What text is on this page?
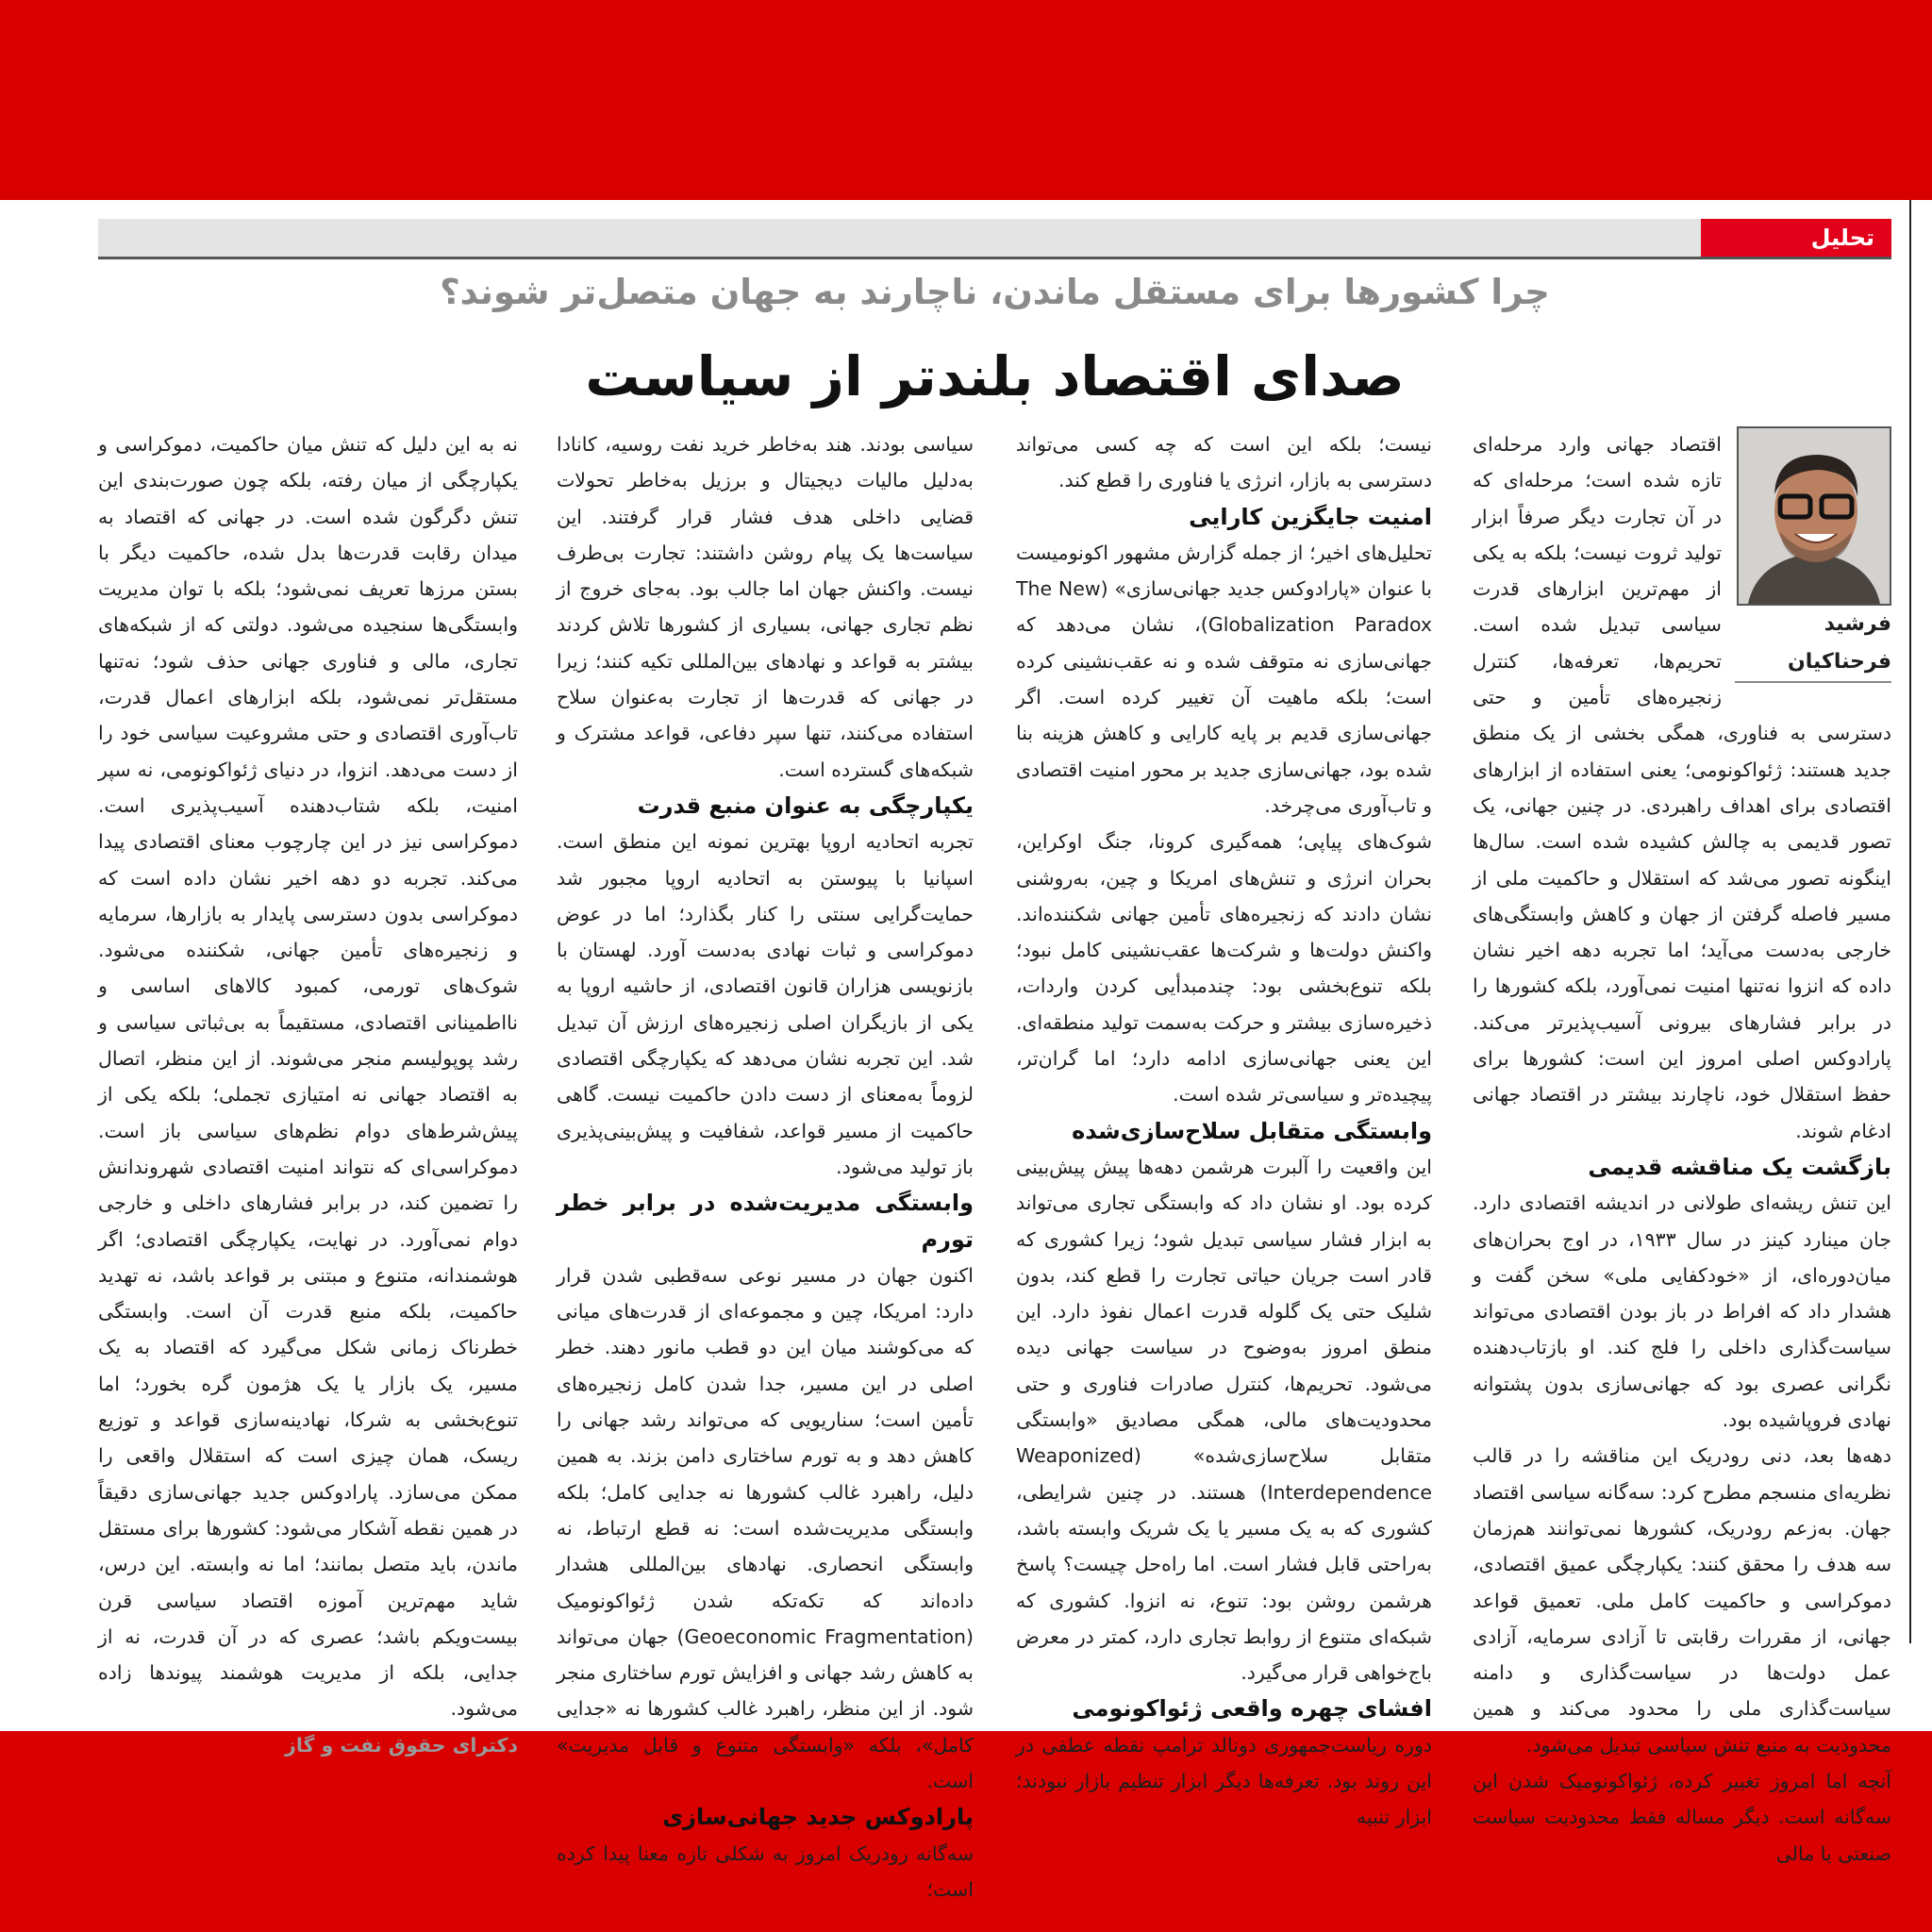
تحلیل
چرا کشورها برای مستقل ماندن، ناچارند به جهان متصل‌تر شوند؟
صدای اقتصاد بلندتر از سیاست
فرشید فرحناکیان

اقتصاد جهانی وارد مرحله‌ای تازه شده است؛ مرحله‌ای که در آن تجارت دیگر صرفاً ابزار تولید ثروت نیست؛ بلکه به یکی از مهم‌ترین ابزارهای قدرت سیاسی تبدیل شده است. تحریم‌ها، تعرفه‌ها، کنترل زنجیره‌های تأمین و حتی دسترسی به فناوری، همگی بخشی از یک منطق جدید هستند: ژئواکونومی؛ یعنی استفاده از ابزارهای اقتصادی برای اهداف راهبردی. در چنین جهانی، یک تصور قدیمی به چالش کشیده شده است. سال‌ها اینگونه تصور می‌شد که استقلال و حاکمیت ملی از مسیر فاصله گرفتن از جهان و کاهش وابستگی‌های خارجی به‌دست می‌آید؛ اما تجربه دهه اخیر نشان داده که انزوا نه‌تنها امنیت نمی‌آورد، بلکه کشورها را در برابر فشارهای بیرونی آسیب‌پذیرتر می‌کند. پارادوکس اصلی امروز این است: کشورها برای حفظ استقلال خود، ناچارند بیشتر در اقتصاد جهانی ادغام شوند.

بازگشت یک مناقشه قدیمی

این تنش ریشه‌ای طولانی در اندیشه اقتصادی دارد. جان مینارد کینز در سال ۱۹۳۳، در اوج بحران‌های میان‌دوره‌ای، از «خودکفایی ملی» سخن گفت و هشدار داد که افراط در باز بودن اقتصادی می‌تواند سیاست‌گذاری داخلی را فلج کند. او بازتاب‌دهنده نگرانی عصری بود که جهانی‌سازی بدون پشتوانه نهادی فروپاشیده بود.

دهه‌ها بعد، دنی رودریک این مناقشه را در قالب نظریه‌ای منسجم مطرح کرد: سه‌گانه سیاسی اقتصاد جهان. به‌زعم رودریک، کشورها نمی‌توانند هم‌زمان سه هدف را محقق کنند: یکپارچگی عمیق اقتصادی، دموکراسی و حاکمیت کامل ملی. تعمیق قواعد جهانی، از مقررات رقابتی تا آزادی سرمایه، آزادی عمل دولت‌ها در سیاست‌گذاری و دامنه سیاست‌گذاری ملی را محدود می‌کند و همین محدودیت به منبع تنش سیاسی تبدیل می‌شود.

آنچه اما امروز تغییر کرده، ژئواکونومیک شدن این سه‌گانه است. دیگر مساله فقط محدودیت سیاست صنعتی یا مالی

نیست؛ بلکه این است که چه کسی می‌تواند دسترسی به بازار، انرژی یا فناوری را قطع کند.

امنیت جایگزین کارایی

تحلیل‌های اخیر؛ از جمله گزارش مشهور اکونومیست با عنوان «پارادوکس جدید جهانی‌سازی» (The New Globalization Paradox)، نشان می‌دهد که جهانی‌سازی نه متوقف شده و نه عقب‌نشینی کرده است؛ بلکه ماهیت آن تغییر کرده است. اگر جهانی‌سازی قدیم بر پایه کارایی و کاهش هزینه بنا شده بود، جهانی‌سازی جدید بر محور امنیت اقتصادی و تاب‌آوری می‌چرخد.

شوک‌های پیاپی؛ همه‌گیری کرونا، جنگ اوکراین، بحران انرژی و تنش‌های امریکا و چین، به‌روشنی نشان دادند که زنجیره‌های تأمین جهانی شکننده‌اند. واکنش دولت‌ها و شرکت‌ها عقب‌نشینی کامل نبود؛ بلکه تنوع‌بخشی بود: چندمبدأیی کردن واردات، ذخیره‌سازی بیشتر و حرکت به‌سمت تولید منطقه‌ای. این یعنی جهانی‌سازی ادامه دارد؛ اما گران‌تر، پیچیده‌تر و سیاسی‌تر شده است.

وابستگی متقابل سلاح‌سازی‌شده

این واقعیت را آلبرت هرشمن دهه‌ها پیش پیش‌بینی کرده بود. او نشان داد که وابستگی تجاری می‌تواند به ابزار فشار سیاسی تبدیل شود؛ زیرا کشوری که قادر است جریان حیاتی تجارت را قطع کند، بدون شلیک حتی یک گلوله قدرت اعمال نفوذ دارد. این منطق امروز به‌وضوح در سیاست جهانی دیده می‌شود. تحریم‌ها، کنترل صادرات فناوری و حتی محدودیت‌های مالی، همگی مصادیق «وابستگی متقابل سلاح‌سازی‌شده» (Weaponized Interdependence) هستند. در چنین شرایطی، کشوری که به یک مسیر یا یک شریک وابسته باشد، به‌راحتی قابل فشار است. اما راه‌حل چیست؟ پاسخ هرشمن روشن بود: تنوع، نه انزوا. کشوری که شبکه‌ای متنوع از روابط تجاری دارد، کمتر در معرض باج‌خواهی قرار می‌گیرد.

افشای چهره واقعی ژئواکونومی

دوره ریاست‌جمهوری دونالد ترامپ نقطه عطفی در این روند بود. تعرفه‌ها دیگر ابزار تنظیم بازار نبودند؛ ابزار تنبیه

سیاسی بودند. هند به‌خاطر خرید نفت روسیه، کانادا به‌دلیل مالیات دیجیتال و برزیل به‌خاطر تحولات قضایی داخلی هدف فشار قرار گرفتند. این سیاست‌ها یک پیام روشن داشتند: تجارت بی‌طرف نیست. واکنش جهان اما جالب بود. به‌جای خروج از نظم تجاری جهانی، بسیاری از کشورها تلاش کردند بیشتر به قواعد و نهادهای بین‌المللی تکیه کنند؛ زیرا در جهانی که قدرت‌ها از تجارت به‌عنوان سلاح استفاده می‌کنند، تنها سپر دفاعی، قواعد مشترک و شبکه‌های گسترده است.

یکپارچگی به عنوان منبع قدرت

تجربه اتحادیه اروپا بهترین نمونه این منطق است. اسپانیا با پیوستن به اتحادیه اروپا مجبور شد حمایت‌گرایی سنتی را کنار بگذارد؛ اما در عوض دموکراسی و ثبات نهادی به‌دست آورد. لهستان با بازنویسی هزاران قانون اقتصادی، از حاشیه اروپا به یکی از بازیگران اصلی زنجیره‌های ارزش آن تبدیل شد. این تجربه نشان می‌دهد که یکپارچگی اقتصادی لزوماً به‌معنای از دست دادن حاکمیت نیست. گاهی حاکمیت از مسیر قواعد، شفافیت و پیش‌بینی‌پذیری باز تولید می‌شود.

وابستگی مدیریت‌شده در برابر خطر تورم

اکنون جهان در مسیر نوعی سه‌قطبی شدن قرار دارد: امریکا، چین و مجموعه‌ای از قدرت‌های میانی که می‌کوشند میان این دو قطب مانور دهند. خطر اصلی در این مسیر، جدا شدن کامل زنجیره‌های تأمین است؛ سناریویی که می‌تواند رشد جهانی را کاهش دهد و به تورم ساختاری دامن بزند. به همین دلیل، راهبرد غالب کشورها نه جدایی کامل؛ بلکه وابستگی مدیریت‌شده است: نه قطع ارتباط، نه وابستگی انحصاری. نهادهای بین‌المللی هشدار داده‌اند که تکه‌تکه شدن ژئواکونومیک (Geoeconomic Fragmentation) جهان می‌تواند به کاهش رشد جهانی و افزایش تورم ساختاری منجر شود. از این منظر، راهبرد غالب کشورها نه «جدایی کامل»، بلکه «وابستگی متنوع و قابل مدیریت» است.

پارادوکس جدید جهانی‌سازی

سه‌گانه رودریک امروز به شکلی تازه معنا پیدا کرده است؛

نه به این دلیل که تنش میان حاکمیت، دموکراسی و یکپارچگی از میان رفته، بلکه چون صورت‌بندی این تنش دگرگون شده است. در جهانی که اقتصاد به میدان رقابت قدرت‌ها بدل شده، حاکمیت دیگر با بستن مرزها تعریف نمی‌شود؛ بلکه با توان مدیریت وابستگی‌ها سنجیده می‌شود. دولتی که از شبکه‌های تجاری، مالی و فناوری جهانی حذف شود؛ نه‌تنها مستقل‌تر نمی‌شود، بلکه ابزارهای اعمال قدرت، تاب‌آوری اقتصادی و حتی مشروعیت سیاسی خود را از دست می‌دهد. انزوا، در دنیای ژئواکونومی، نه سپر امنیت، بلکه شتاب‌دهنده آسیب‌پذیری است. دموکراسی نیز در این چارچوب معنای اقتصادی پیدا می‌کند. تجربه دو دهه اخیر نشان داده است که دموکراسی بدون دسترسی پایدار به بازارها، سرمایه و زنجیره‌های تأمین جهانی، شکننده می‌شود. شوک‌های تورمی، کمبود کالاهای اساسی و نااطمینانی اقتصادی، مستقیماً به بی‌ثباتی سیاسی و رشد پوپولیسم منجر می‌شوند. از این منظر، اتصال به اقتصاد جهانی نه امتیازی تجملی؛ بلکه یکی از پیش‌شرط‌های دوام نظم‌های سیاسی باز است. دموکراسی‌ای که نتواند امنیت اقتصادی شهروندانش را تضمین کند، در برابر فشارهای داخلی و خارجی دوام نمی‌آورد. در نهایت، یکپارچگی اقتصادی؛ اگر هوشمندانه، متنوع و مبتنی بر قواعد باشد، نه تهدید حاکمیت، بلکه منبع قدرت آن است. وابستگی خطرناک زمانی شکل می‌گیرد که اقتصاد به یک مسیر، یک بازار یا یک هژمون گره بخورد؛ اما تنوع‌بخشی به شرکا، نهادینه‌سازی قواعد و توزیع ریسک، همان چیزی است که استقلال واقعی را ممکن می‌سازد. پارادوکس جدید جهانی‌سازی دقیقاً در همین نقطه آشکار می‌شود: کشورها برای مستقل ماندن، باید متصل بمانند؛ اما نه وابسته. این درس، شاید مهم‌ترین آموزه اقتصاد سیاسی قرن بیست‌ویکم باشد؛ عصری که در آن قدرت، نه از جدایی، بلکه از مدیریت هوشمند پیوندها زاده می‌شود.

دکترای حقوق نفت و گاز
